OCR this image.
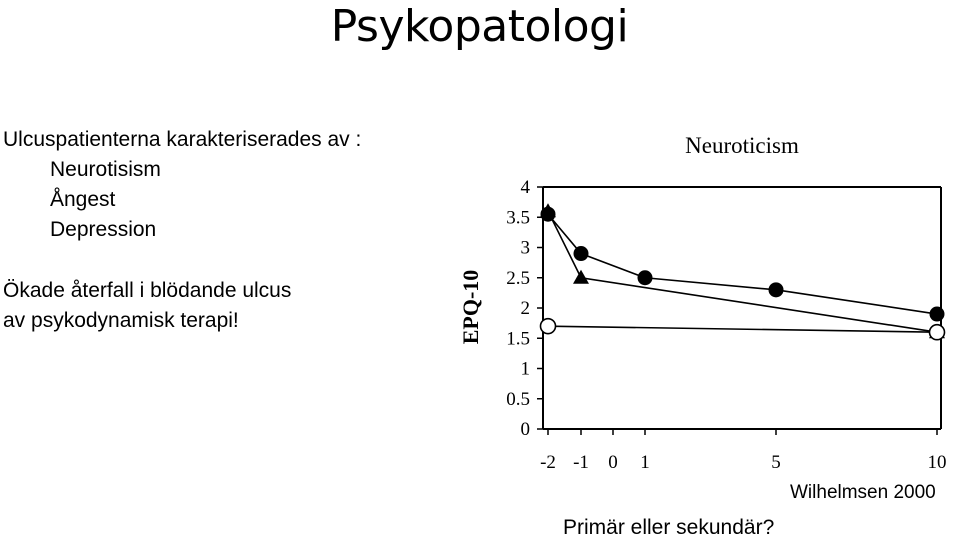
Psykopatologi
Ulcuspatienterna karakteriserades av :
Neurotisism
Ångest
Depression
Ökade återfall i blödande ulcus
av psykodynamisk terapi!
Neuroticism
EPQ-10
0
0.5
1
1.5
2
2.5
3
3.5
4
-2 -1 0 1	5	10
Wilhelmsen 2000
Primär eller sekundär?
